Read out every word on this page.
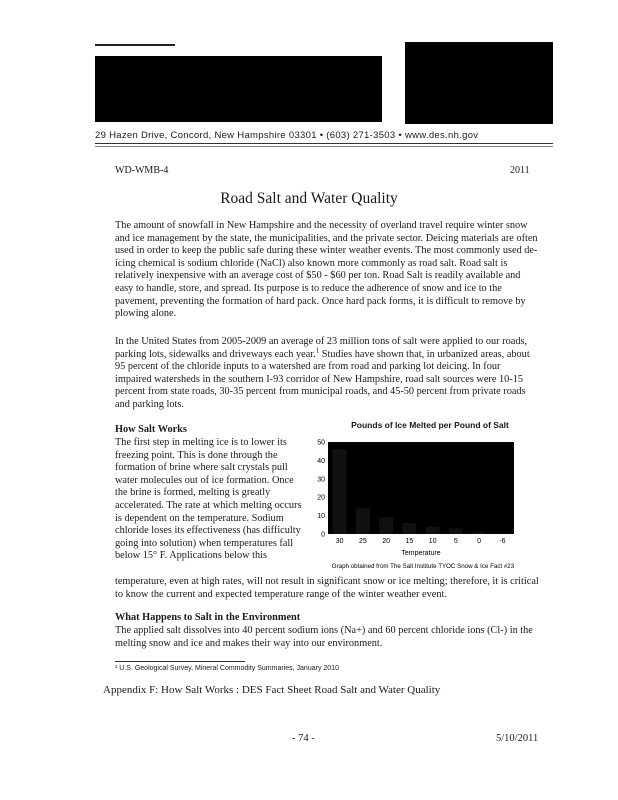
29 Hazen Drive, Concord, New Hampshire 03301 • (603) 271-3503 • www.des.nh.gov
WD-WMB-4	2011
Road Salt and Water Quality

The amount of snowfall in New Hampshire and the necessity of overland travel require winter snow and ice management by the state, the municipalities, and the private sector. Deicing materials are often used in order to keep the public safe during these winter weather events. The most commonly used de-icing chemical is sodium chloride (NaCl) also known more commonly as road salt. Road salt is relatively inexpensive with an average cost of $50 - $60 per ton. Road Salt is readily available and easy to handle, store, and spread. Its purpose is to reduce the adherence of snow and ice to the pavement, preventing the formation of hard pack. Once hard pack forms, it is difficult to remove by plowing alone.

In the United States from 2005-2009 an average of 23 million tons of salt were applied to our roads, parking lots, sidewalks and driveways each year.$^1$ Studies have shown that, in urbanized areas, about 95 percent of the chloride inputs to a watershed are from road and parking lot deicing. In four impaired watersheds in the southern I-93 corridor of New Hampshire, road salt sources were 10-15 percent from state roads, 30-35 percent from municipal roads, and 45-50 percent from private roads and parking lots.

How Salt Works

The first step in melting ice is to lower its freezing point. This is done through the formation of brine where salt crystals pull water molecules out of ice formation. Once the brine is formed, melting is greatly accelerated. The rate at which melting occurs is dependent on the temperature. Sodium chloride loses its effectiveness (has difficulty going into solution) when temperatures fall below 15° F. Applications below this

temperature, even at high rates, will not result in significant snow or ice melting; therefore, it is critical to know the current and expected temperature range of the winter weather event.

Pounds of Ice Melted per Pound of Salt
0
10
20
30
40
50
30 25 20 15 10 5	0	-6
Temperature
Graph obtained from The Salt Institute TYOC Snow & Ice Fact #23
What Happens to Salt in the Environment

The applied salt dissolves into 40 percent sodium ions (Na+) and 60 percent chloride ions (Cl-) in the melting snow and ice and makes their way into our environment.

¹ U.S. Geological Survey, Mineral Commodity Summaries, January 2010
Appendix F: How Salt Works : DES Fact Sheet Road Salt and Water Quality
- 74 -	5/10/2011
